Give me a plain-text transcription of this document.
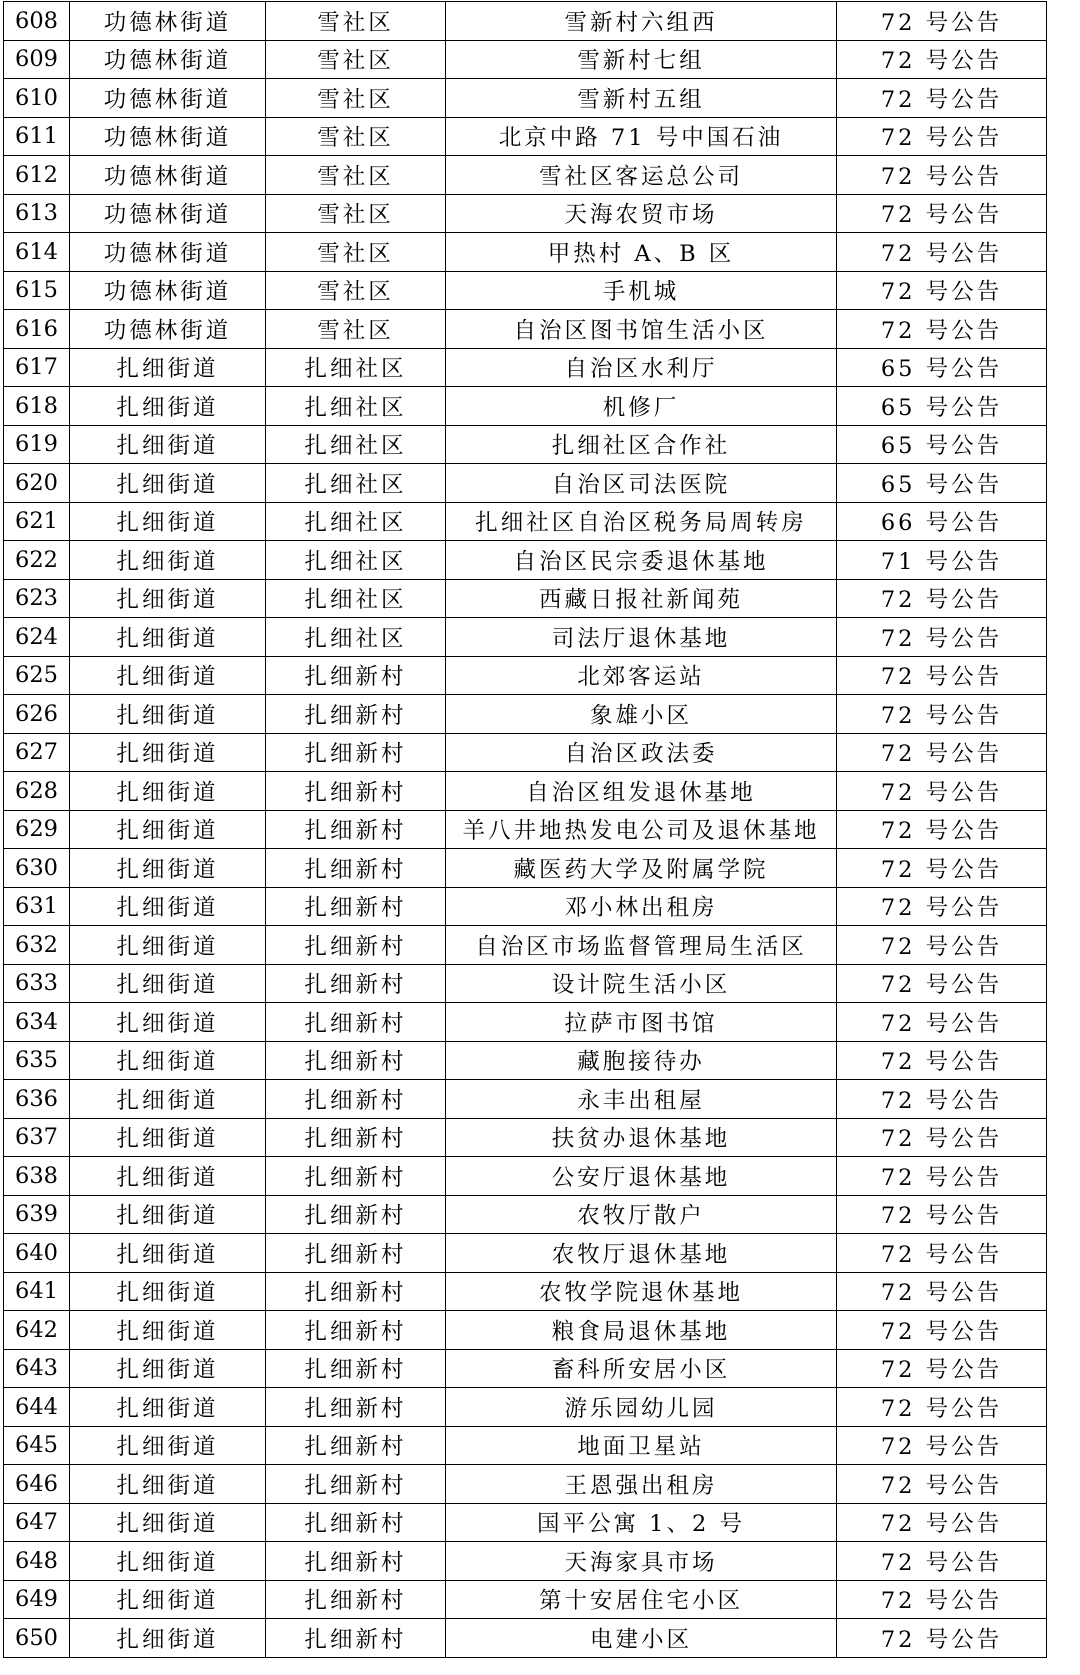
608	功德林街道	雪社区	雪新村六组西	72 号公告
609	功德林街道	雪社区	雪新村七组	72 号公告
610	功德林街道	雪社区	雪新村五组	72 号公告
611	功德林街道	雪社区	北京中路 71 号中国石油	72 号公告
612	功德林街道	雪社区	雪社区客运总公司	72 号公告
613	功德林街道	雪社区	天海农贸市场	72 号公告
614	功德林街道	雪社区	甲热村 A、B 区	72 号公告
615	功德林街道	雪社区	手机城	72 号公告
616	功德林街道	雪社区	自治区图书馆生活小区	72 号公告
617	扎细街道	扎细社区	自治区水利厅	65 号公告
618	扎细街道	扎细社区	机修厂	65 号公告
619	扎细街道	扎细社区	扎细社区合作社	65 号公告
620	扎细街道	扎细社区	自治区司法医院	65 号公告
621	扎细街道	扎细社区	扎细社区自治区税务局周转房	66 号公告
622	扎细街道	扎细社区	自治区民宗委退休基地	71 号公告
623	扎细街道	扎细社区	西藏日报社新闻苑	72 号公告
624	扎细街道	扎细社区	司法厅退休基地	72 号公告
625	扎细街道	扎细新村	北郊客运站	72 号公告
626	扎细街道	扎细新村	象雄小区	72 号公告
627	扎细街道	扎细新村	自治区政法委	72 号公告
628	扎细街道	扎细新村	自治区组发退休基地	72 号公告
629	扎细街道	扎细新村	羊八井地热发电公司及退休基地	72 号公告
630	扎细街道	扎细新村	藏医药大学及附属学院	72 号公告
631	扎细街道	扎细新村	邓小林出租房	72 号公告
632	扎细街道	扎细新村	自治区市场监督管理局生活区	72 号公告
633	扎细街道	扎细新村	设计院生活小区	72 号公告
634	扎细街道	扎细新村	拉萨市图书馆	72 号公告
635	扎细街道	扎细新村	藏胞接待办	72 号公告
636	扎细街道	扎细新村	永丰出租屋	72 号公告
637	扎细街道	扎细新村	扶贫办退休基地	72 号公告
638	扎细街道	扎细新村	公安厅退休基地	72 号公告
639	扎细街道	扎细新村	农牧厅散户	72 号公告
640	扎细街道	扎细新村	农牧厅退休基地	72 号公告
641	扎细街道	扎细新村	农牧学院退休基地	72 号公告
642	扎细街道	扎细新村	粮食局退休基地	72 号公告
643	扎细街道	扎细新村	畜科所安居小区	72 号公告
644	扎细街道	扎细新村	游乐园幼儿园	72 号公告
645	扎细街道	扎细新村	地面卫星站	72 号公告
646	扎细街道	扎细新村	王恩强出租房	72 号公告
647	扎细街道	扎细新村	国平公寓 1、2 号	72 号公告
648	扎细街道	扎细新村	天海家具市场	72 号公告
649	扎细街道	扎细新村	第十安居住宅小区	72 号公告
650	扎细街道	扎细新村	电建小区	72 号公告
